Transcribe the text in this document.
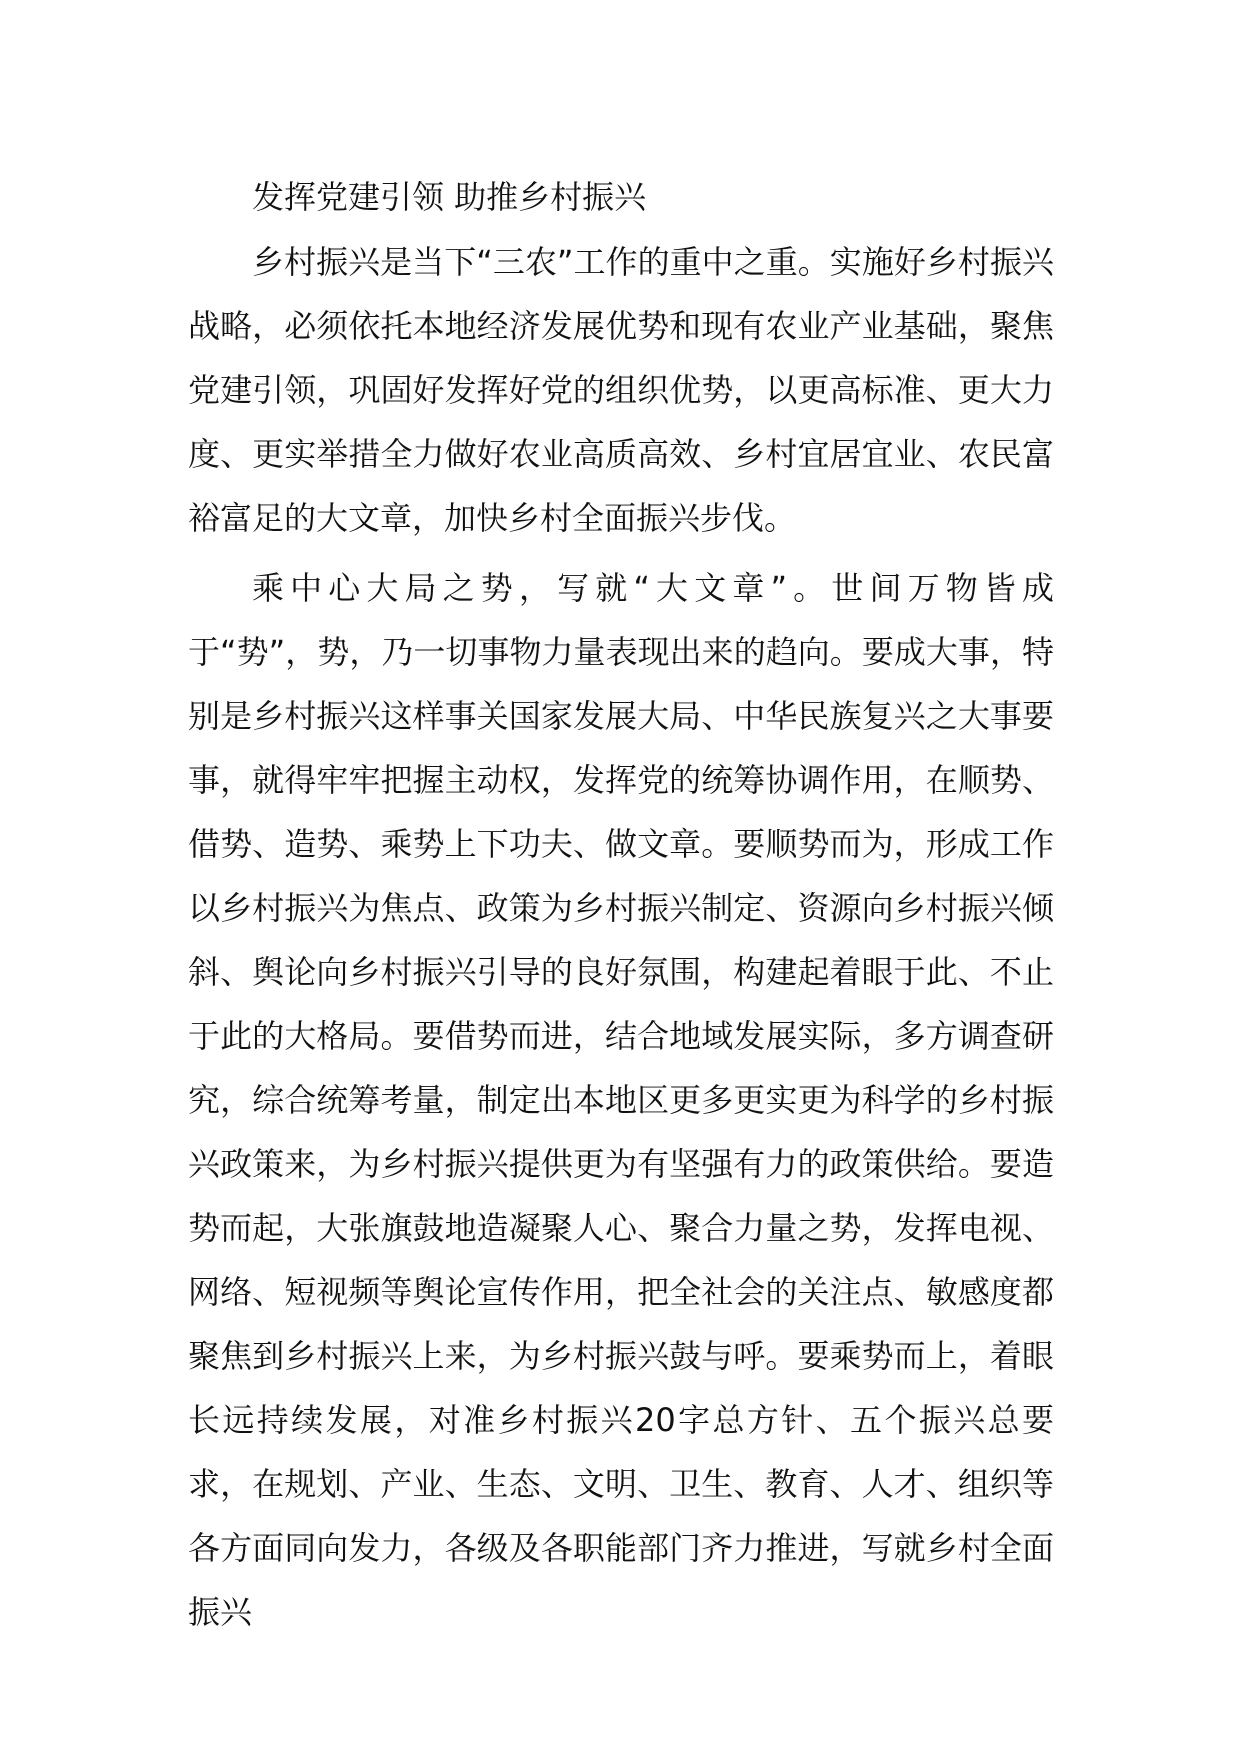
发挥党建引领 助推乡村振兴

乡村振兴是当下“三农”工作的重中之重。实施好乡村振兴战略，必须依托本地经济发展优势和现有农业产业基础，聚焦党建引领，巩固好发挥好党的组织优势，以更高标准、更大力度、更实举措全力做好农业高质高效、乡村宜居宜业、农民富裕富足的大文章，加快乡村全面振兴步伐。

乘中心大局之势，写就“大文章”。世间万物皆成于“势”，势，乃一切事物力量表现出来的趋向。要成大事，特别是乡村振兴这样事关国家发展大局、中华民族复兴之大事要事，就得牢牢把握主动权，发挥党的统筹协调作用，在顺势、借势、造势、乘势上下功夫、做文章。要顺势而为，形成工作以乡村振兴为焦点、政策为乡村振兴制定、资源向乡村振兴倾斜、舆论向乡村振兴引导的良好氛围，构建起着眼于此、不止于此的大格局。要借势而进，结合地域发展实际，多方调查研究，综合统筹考量，制定出本地区更多更实更为科学的乡村振兴政策来，为乡村振兴提供更为有坚强有力的政策供给。要造势而起，大张旗鼓地造凝聚人心、聚合力量之势，发挥电视、网络、短视频等舆论宣传作用，把全社会的关注点、敏感度都聚焦到乡村振兴上来，为乡村振兴鼓与呼。要乘势而上，着眼长远持续发展，对准乡村振兴20字总方针、五个振兴总要求，在规划、产业、生态、文明、卫生、教育、人才、组织等各方面同向发力，各级及各职能部门齐力推进，写就乡村全面振兴
